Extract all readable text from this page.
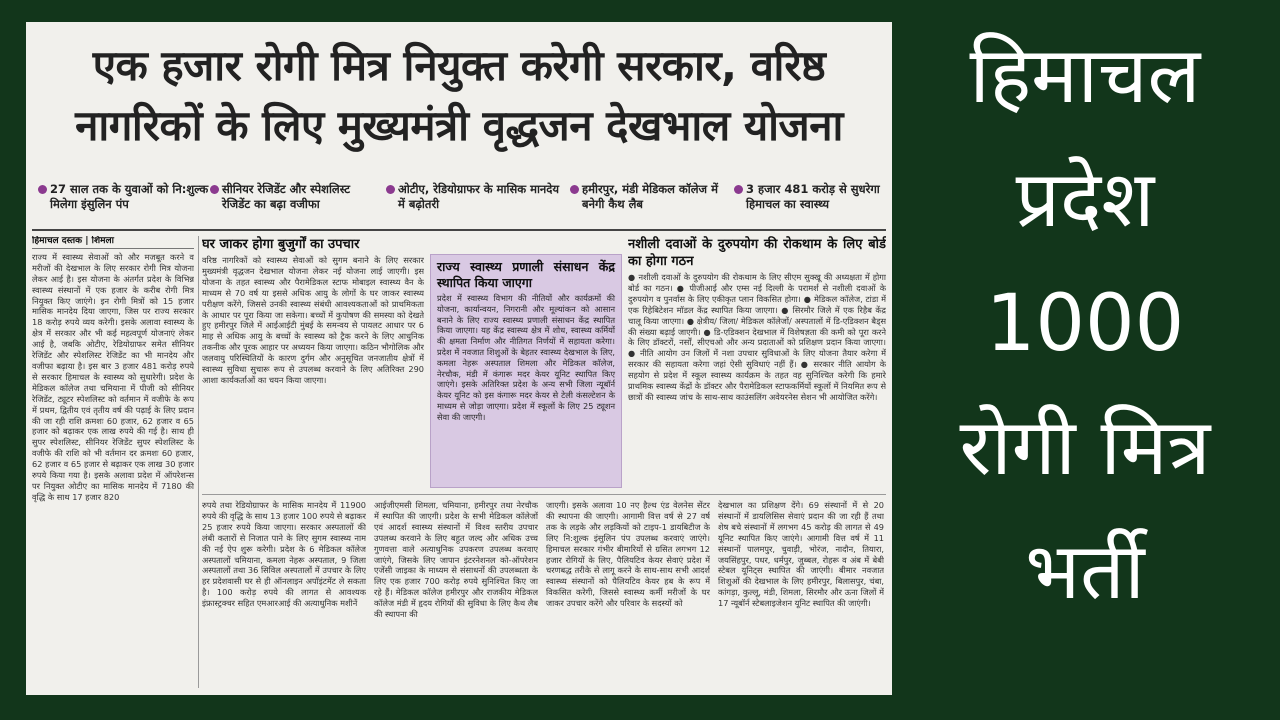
एक हजार रोगी मित्र नियुक्त करेगी सरकार, वरिष्ठ
नागरिकों के लिए मुख्यमंत्री वृद्धजन देखभाल योजना
27 साल तक के युवाओं को नि:शुल्क मिलेगा इंसुलिन पंप
सीनियर रेजिडेंट और स्पेशलिस्ट रेजिडेंट का बढ़ा वजीफा
ओटीए, रेडियोग्राफर के मासिक मानदेय में बढ़ोतरी
हमीरपुर, मंडी मेडिकल कॉलेज में बनेगी कैथ लैब
3 हजार 481 करोड़ से सुधरेगा हिमाचल का स्वास्थ्य
हिमाचल दस्तक | शिमला
राज्य में स्वास्थ्य सेवाओं को और मजबूत करने व मरीजों की देखभाल के लिए सरकार रोगी मित्र योजना लेकर आई है। इस योजना के अंतर्गत प्रदेश के विभिन्न स्वास्थ्य संस्थानों में एक हजार के करीब रोगी मित्र नियुक्त किए जाएंगे। इन रोगी मित्रों को 15 हजार मासिक मानदेय दिया जाएगा, जिस पर राज्य सरकार 18 करोड़ रुपये व्यय करेगी। इसके अलावा स्वास्थ्य के क्षेत्र में सरकार और भी कई महत्वपूर्ण योजनाएं लेकर आई है, जबकि ओटीए, रेडियोग्राफर समेत सीनियर रेजिडेंट और स्पेशलिस्ट रेजिडेंट का भी मानदेय और वजीफा बढ़ाया है। इस बार 3 हजार 481 करोड़ रुपये से सरकार हिमाचल के स्वास्थ्य को सुधारेगी। प्रदेश के मेडिकल कॉलेज तथा चमियाना में पीजी को सीनियर रेजिडेंट, ट्यूटर स्पेशलिस्ट को वर्तमान में वजीफे के रूप में प्रथम, द्वितीय एवं तृतीय वर्ष की पढ़ाई के लिए प्रदान की जा रही राशि क्रमशः 60 हजार, 62 हजार व 65 हजार को बढ़ाकर एक लाख रुपये की गई है। साथ ही सुपर स्पेशलिस्ट, सीनियर रेजिडेंट सुपर स्पेशलिस्ट के वजीफे की राशि को भी वर्तमान दर क्रमशः 60 हजार, 62 हजार व 65 हजार से बढ़ाकर एक लाख 30 हजार रुपये किया गया है। इसके अलावा प्रदेश में ऑपरेशन्स पर नियुक्त ओटीए का मासिक मानदेय में 7180 की वृद्धि के साथ 17 हजार 820
घर जाकर होगा बुजुर्गों का उपचार
वरिष्ठ नागरिकों को स्वास्थ्य सेवाओं को सुगम बनाने के लिए सरकार मुख्यमंत्री वृद्धजन देखभाल योजना लेकर नई योजना लाई जाएगी। इस योजना के तहत स्वास्थ्य और पैरामेडिकल स्टाफ मोबाइल स्वास्थ्य वैन के माध्यम से 70 वर्ष या इससे अधिक आयु के लोगों के घर जाकर स्वास्थ्य परीक्षण करेंगे, जिससे उनकी स्वास्थ्य संबंधी आवश्यकताओं को प्राथमिकता के आधार पर पूरा किया जा सकेगा। बच्चों में कुपोषण की समस्या को देखते हुए हमीरपुर जिले में आईआईटी मुंबई के समन्वय से पायलट आधार पर 6 माह से अधिक आयु के बच्चों के स्वास्थ्य को ट्रैक करने के लिए आधुनिक तकनीक और पूरक आहार पर अध्ययन किया जाएगा। कठिन भौगोलिक और जलवायु परिस्थितियों के कारण दुर्गम और अनुसूचित जनजातीय क्षेत्रों में स्वास्थ्य सुविधा सुचारू रूप से उपलब्ध करवाने के लिए अतिरिक्त 290 आशा कार्यकर्ताओं का चयन किया जाएगा।
राज्य स्वास्थ्य प्रणाली संसाधन केंद्र स्थापित किया जाएगा
प्रदेश में स्वास्थ्य विभाग की नीतियों और कार्यक्रमों की योजना, कार्यान्वयन, निगरानी और मूल्यांकन को आसान बनाने के लिए राज्य स्वास्थ्य प्रणाली संसाधन केंद्र स्थापित किया जाएगा। यह केंद्र स्वास्थ्य क्षेत्र में शोध, स्वास्थ्य कर्मियों की क्षमता निर्माण और नीतिगत निर्णयों में सहायता करेगा। प्रदेश में नवजात शिशुओं के बेहतर स्वास्थ्य देखभाल के लिए, कमला नेहरू अस्पताल शिमला और मेडिकल कॉलेज, नेरचौक, मंडी में कंगारू मदर केयर यूनिट स्थापित किए जाएंगे। इसके अतिरिक्त प्रदेश के अन्य सभी जिला न्यूबॉर्न केयर यूनिट को इस कंगारू मदर केयर से टेली कंसल्टेशन के माध्यम से जोड़ा जाएगा। प्रदेश में स्कूलों के लिए 25 ट्यूशन सेवा की जाएगी।
नशीली दवाओं के दुरुपयोग की रोकथाम के लिए बोर्ड का होगा गठन
● नशीली दवाओं के दुरुपयोग की रोकथाम के लिए सीएम सुक्खू की अध्यक्षता में होगा बोर्ड का गठन। ● पीजीआई और एम्स नई दिल्ली के परामर्श से नशीली दवाओं के दुरुपयोग व पुनर्वास के लिए एकीकृत प्लान विकसित होगा। ● मेडिकल कॉलेज, टांडा में एक रिहेबिटेशन मॉडल केंद्र स्थापित किया जाएगा। ● सिरमौर जिले में एक रिहैब केंद्र चालू किया जाएगा। ● क्षेत्रीय/ जिला/ मेडिकल कॉलेजों/ अस्पतालों में डि-एडिक्शन बैड्स की संख्या बढ़ाई जाएगी। ● डि-एडिक्शन देखभाल में विशेषज्ञता की कमी को पूरा करने के लिए डॉक्टरों, नर्सों, सीएचओ और अन्य प्रदाताओं को प्रशिक्षण प्रदान किया जाएगा। ● नीति आयोग उन जिलों में नशा उपचार सुविधाओं के लिए योजना तैयार करेगा में सरकार की सहायता करेगा जहां ऐसी सुविधाएं नहीं हैं। ● सरकार नीति आयोग के सहयोग से प्रदेश में स्कूल स्वास्थ्य कार्यक्रम के तहत वह सुनिश्चित करेगी कि हमारे प्राथमिक स्वास्थ्य केंद्रों के डॉक्टर और पैरामेडिकल स्टाफकर्मियों स्कूलों में नियमित रूप से छात्रों की स्वास्थ्य जांच के साथ-साथ काउंसलिंग अवेयरनेस सेशन भी आयोजित करेंगे।
रुपये तथा रेडियोग्राफर के मासिक मानदेय में 11900 रुपये की वृद्धि के साथ 13 हजार 100 रुपये से बढ़ाकर 25 हजार रुपये किया जाएगा। सरकार अस्पतालों की लंबी कतारों से निजात पाने के लिए सुगम स्वास्थ्य नाम की नई ऐप शुरू करेगी। प्रदेश के 6 मेडिकल कॉलेज अस्पतालों चमियाना, कमला नेहरू अस्पताल, 9 जिला अस्पतालों तथा 36 सिविल अस्पतालों में उपचार के लिए हर प्रदेशवासी घर से ही ऑनलाइन अपॉइंटमेंट ले सकता है। 100 करोड़ रुपये की लागत से आवश्यक इंफ्रास्ट्रक्चर सहित एमआरआई की अत्याधुनिक मशीनें
आईजीएमसी शिमला, चमियाना, हमीरपुर तथा नेरचौक में स्थापित की जाएगी। प्रदेश के सभी मेडिकल कॉलेजों एवं आदर्श स्वास्थ्य संस्थानों में विश्व स्तरीय उपचार उपलब्ध करवाने के लिए बहुत जल्द और अधिक उच्च गुणवत्ता वाले अत्याधुनिक उपकरण उपलब्ध करवाए जाएंगे, जिसके लिए जापान इंटरनेशनल को-ऑपरेशन एजेंसी जाइका के माध्यम से संसाधनों की उपलब्धता के लिए एक हजार 700 करोड़ रुपये सुनिश्चित किए जा रहे हैं। मेडिकल कॉलेज हमीरपुर और राजकीय मेडिकल कॉलेज मंडी में हृदय रोगियों की सुविधा के लिए कैथ लैब की स्थापना की
जाएगी। इसके अलावा 10 नए हैल्थ एंड वेलनेस सेंटर की स्थापना की जाएगी। आगामी वित्त वर्ष से 27 वर्ष तक के लड़के और लड़कियों को टाइप-1 डायबिटीज के लिए नि:शुल्क इंसुलिन पंप उपलब्ध करवाएं जाएंगे। हिमाचल सरकार गंभीर बीमारियों से ग्रसित लगभग 12 हजार रोगियों के लिए, पैलियटिव केयर सेवाएं प्रदेश में चरणबद्ध तरीके से लागू करने के साथ-साथ सभी आदर्श स्वास्थ्य संस्थानों को पैलियटिव केयर हब के रूप में विकसित करेगी, जिससे स्वास्थ्य कर्मी मरीजों के घर जाकर उपचार करेंगे और परिवार के सदस्यों को
देखभाल का प्रशिक्षण देंगे। 69 संस्थानों में से 20 संस्थानों में डायलिसिस सेवाएं प्रदान की जा रही हैं तथा शेष बचे संस्थानों में लगभग 45 करोड़ की लागत से 49 यूनिट स्थापित किए जाएंगे। आगामी वित्त वर्ष में 11 संस्थानों पालमपुर, चुवाड़ी, भोरंज, नादौन, तियारा, जयसिंहपुर, पधर, धर्मपुर, जुब्बल, रोहरू व अंब में बेबी स्टेबल यूनिट्स स्थापित की जाएंगी। बीमार नवजात शिशुओं की देखभाल के लिए हमीरपुर, बिलासपुर, चंबा, कांगड़ा, कुल्लू, मंडी, शिमला, सिरमौर और ऊना जिलों में 17 न्यूबॉर्न स्टेबलाइजेशन यूनिट स्थापित की जाएंगी।
हिमाचल
प्रदेश
1000
रोगी मित्र
भर्ती
